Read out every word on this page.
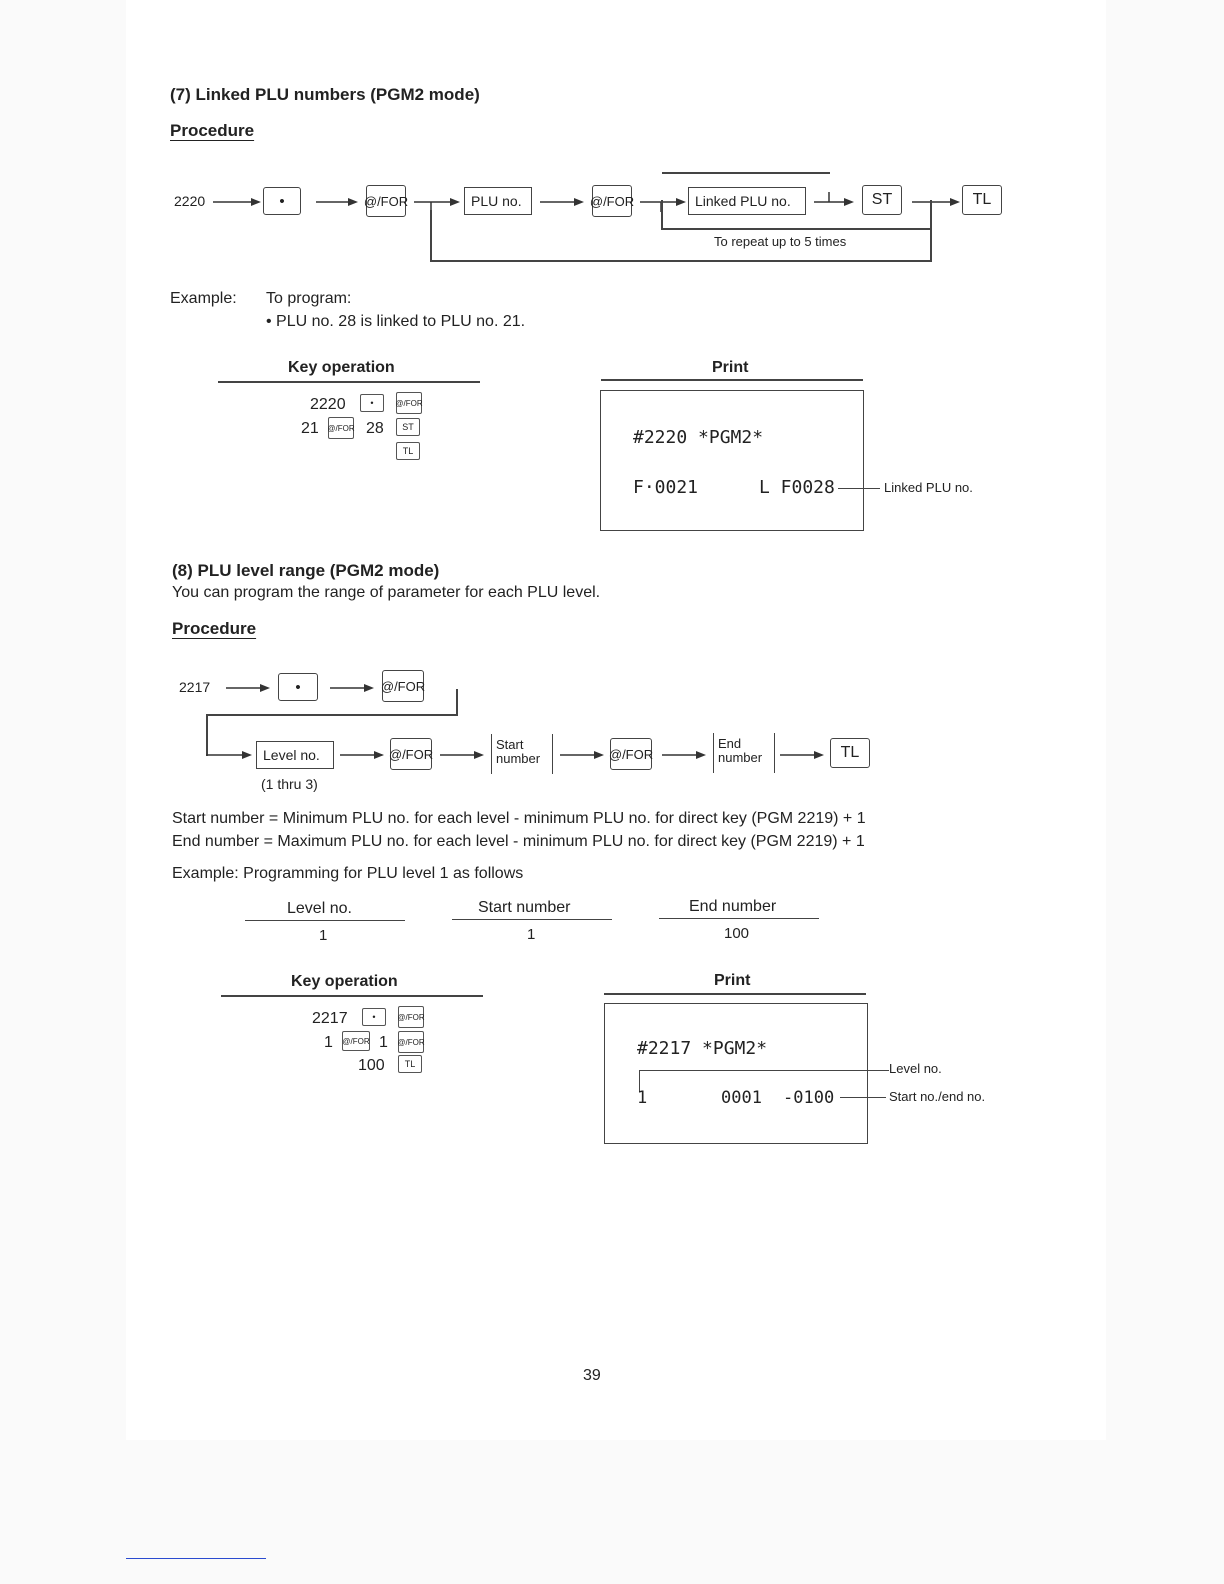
(7) Linked PLU numbers (PGM2 mode)
Procedure
2220	•	@/FOR	PLU no.	@/FOR	Linked PLU no.	ST	TL
To repeat up to 5 times
Example: To program:
• PLU no. 28 is linked to PLU no. 21.
Key operation	Print
2220	•	@/FOR
21 @/FOR 28	ST
TL
#2220 *PGM2*
F·0021	L F0028	Linked PLU no.
(8) PLU level range (PGM2 mode)
You can program the range of parameter for each PLU level.
Procedure
2217	•	@/FOR
Level no.
(1 thru 3)
@/FOR
Start
number	@/FOR
End
number	TL
Start number = Minimum PLU no. for each level - minimum PLU no. for direct key (PGM 2219) + 1
End number = Maximum PLU no. for each level - minimum PLU no. for direct key (PGM 2219) + 1
Example: Programming for PLU level 1 as follows
Level no.	Start number	End number
1	1	100
Key operation	Print
2217	•	@/FOR
1 @/FOR 1 @/FOR
100	TL
#2217 *PGM2*
1	0001 -0100
Level no.
Start no./end no.
39
